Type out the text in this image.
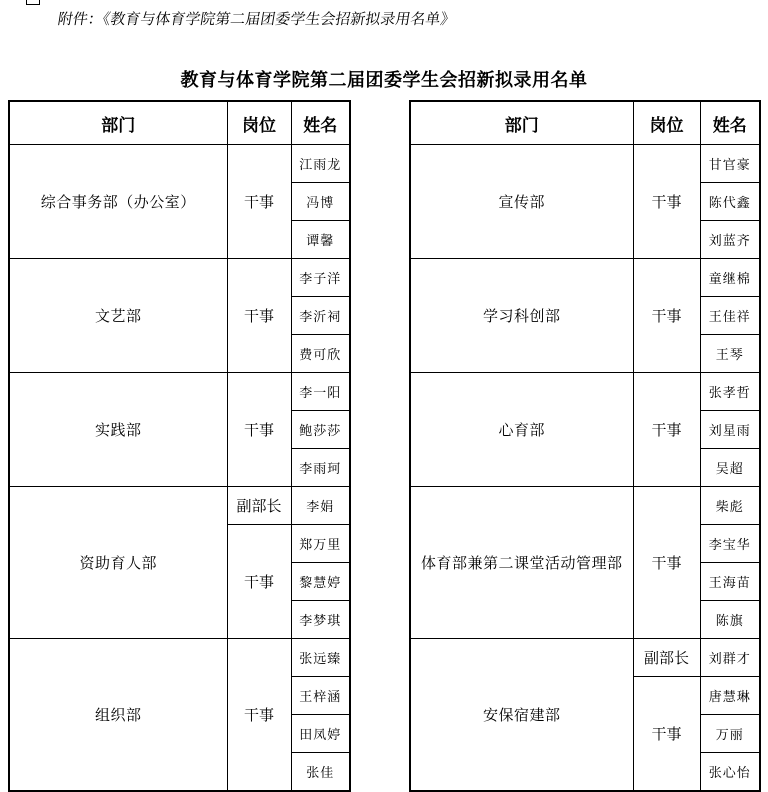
附件：《教育与体育学院第二届团委学生会招新拟录用名单》
教育与体育学院第二届团委学生会招新拟录用名单
部门	岗位	姓名
综合事务部（办公室）	干事	江雨龙
		冯博
		谭馨
文艺部	干事	李子洋
		李沂祠
		费可欣
实践部	干事	李一阳
		鲍莎莎
		李雨珂
资助育人部	副部长	李娟
	干事	郑万里
		黎慧婷
		李梦琪
组织部	干事	张远臻
		王梓涵
		田凤婷
		张佳
部门	岗位	姓名
宣传部	干事	甘官豪
		陈代鑫
		刘蓝齐
学习科创部	干事	童继棉
		王佳祥
		王琴
心育部	干事	张孝哲
		刘星雨
		吴超
体育部兼第二课堂活动管理部	干事	柴彪
		李宝华
		王海苗
		陈旗
安保宿建部	副部长	刘群才
	干事	唐慧琳
		万丽
		张心怡
